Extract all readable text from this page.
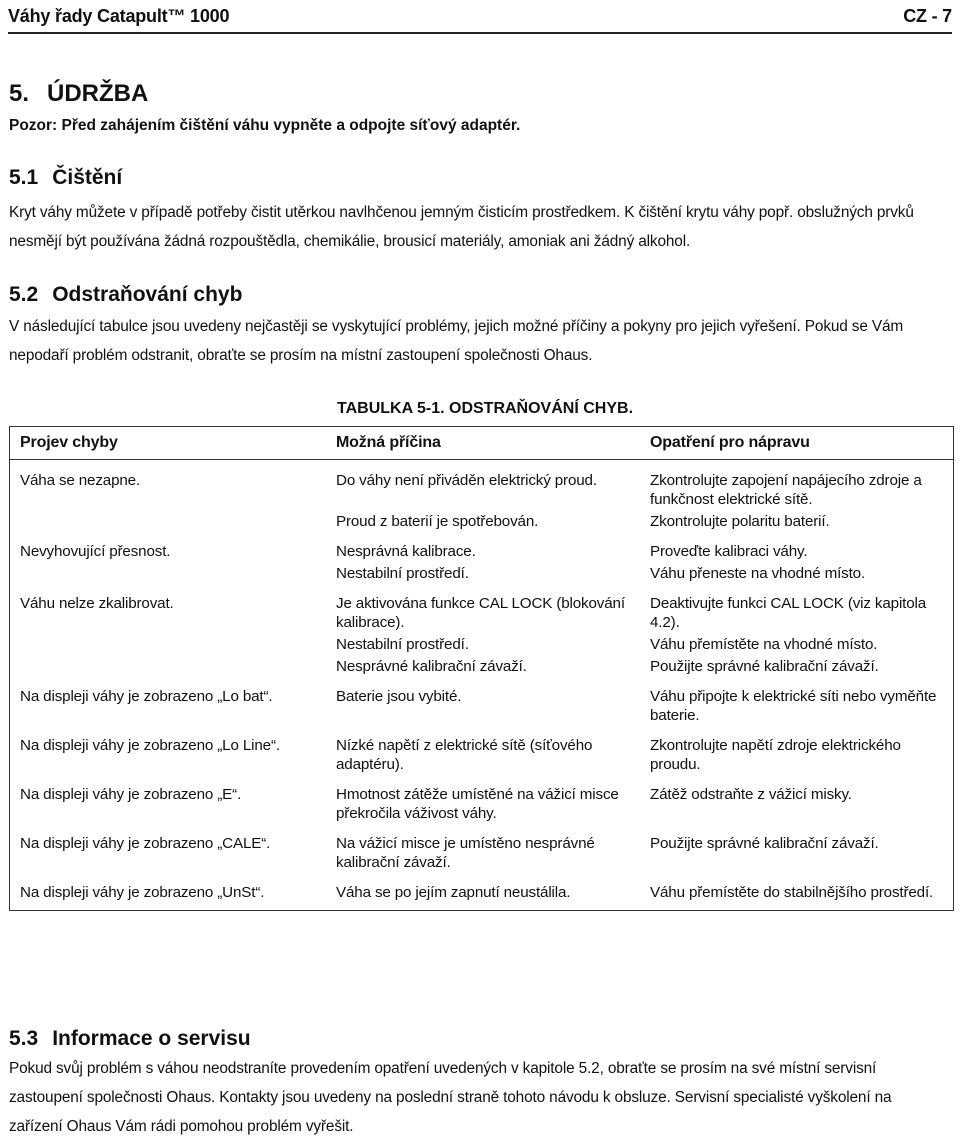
Váhy řady Catapult™ 1000	CZ - 7
5. ÚDRŽBA
Pozor: Před zahájením čištění váhu vypněte a odpojte síťový adaptér.
5.1 Čištění
Kryt váhy můžete v případě potřeby čistit utěrkou navlhčenou jemným čisticím prostředkem. K čištění krytu váhy popř. obslužných prvků nesmějí být používána žádná rozpouštědla, chemikálie, brousicí materiály, amoniak ani žádný alkohol.
5.2 Odstraňování chyb
V následující tabulce jsou uvedeny nejčastěji se vyskytující problémy, jejich možné příčiny a pokyny pro jejich vyřešení. Pokud se Vám nepodaří problém odstranit, obraťte se prosím na místní zastoupení společnosti Ohaus.
TABULKA 5-1. ODSTRAŇOVÁNÍ CHYB.
Projev chyby	Možná příčina	Opatření pro nápravu

Váha se nezapne.	Do váhy není přiváděn elektrický proud.	Zkontrolujte zapojení napájecího zdroje a funkčnost elektrické sítě.
	Proud z baterií je spotřebován.	Zkontrolujte polaritu baterií.

Nevyhovující přesnost.	Nesprávná kalibrace.	Proveďte kalibraci váhy.
	Nestabilní prostředí.	Váhu přeneste na vhodné místo.

Váhu nelze zkalibrovat.	Je aktivována funkce CAL LOCK (blokování kalibrace).	Deaktivujte funkci CAL LOCK (viz kapitola 4.2).
	Nestabilní prostředí.	Váhu přemístěte na vhodné místo.
	Nesprávné kalibrační závaží.	Použijte správné kalibrační závaží.

Na displeji váhy je zobrazeno „Lo bat“.	Baterie jsou vybité.	Váhu připojte k elektrické síti nebo vyměňte baterie.

Na displeji váhy je zobrazeno „Lo Line“.	Nízké napětí z elektrické sítě (síťového adaptéru).	Zkontrolujte napětí zdroje elektrického proudu.

Na displeji váhy je zobrazeno „E“.	Hmotnost zátěže umístěné na vážicí misce překročila váživost váhy.	Zátěž odstraňte z vážicí misky.

Na displeji váhy je zobrazeno „CALE“.	Na vážicí misce je umístěno nesprávné kalibrační závaží.	Použijte správné kalibrační závaží.

Na displeji váhy je zobrazeno „UnSt“.	Váha se po jejím zapnutí neustálila.	Váhu přemístěte do stabilnějšího prostředí.

5.3 Informace o servisu
Pokud svůj problém s váhou neodstraníte provedením opatření uvedených v kapitole 5.2, obraťte se prosím na své místní servisní zastoupení společnosti Ohaus. Kontakty jsou uvedeny na poslední straně tohoto návodu k obsluze. Servisní specialisté vyškolení na zařízení Ohaus Vám rádi pomohou problém vyřešit.
